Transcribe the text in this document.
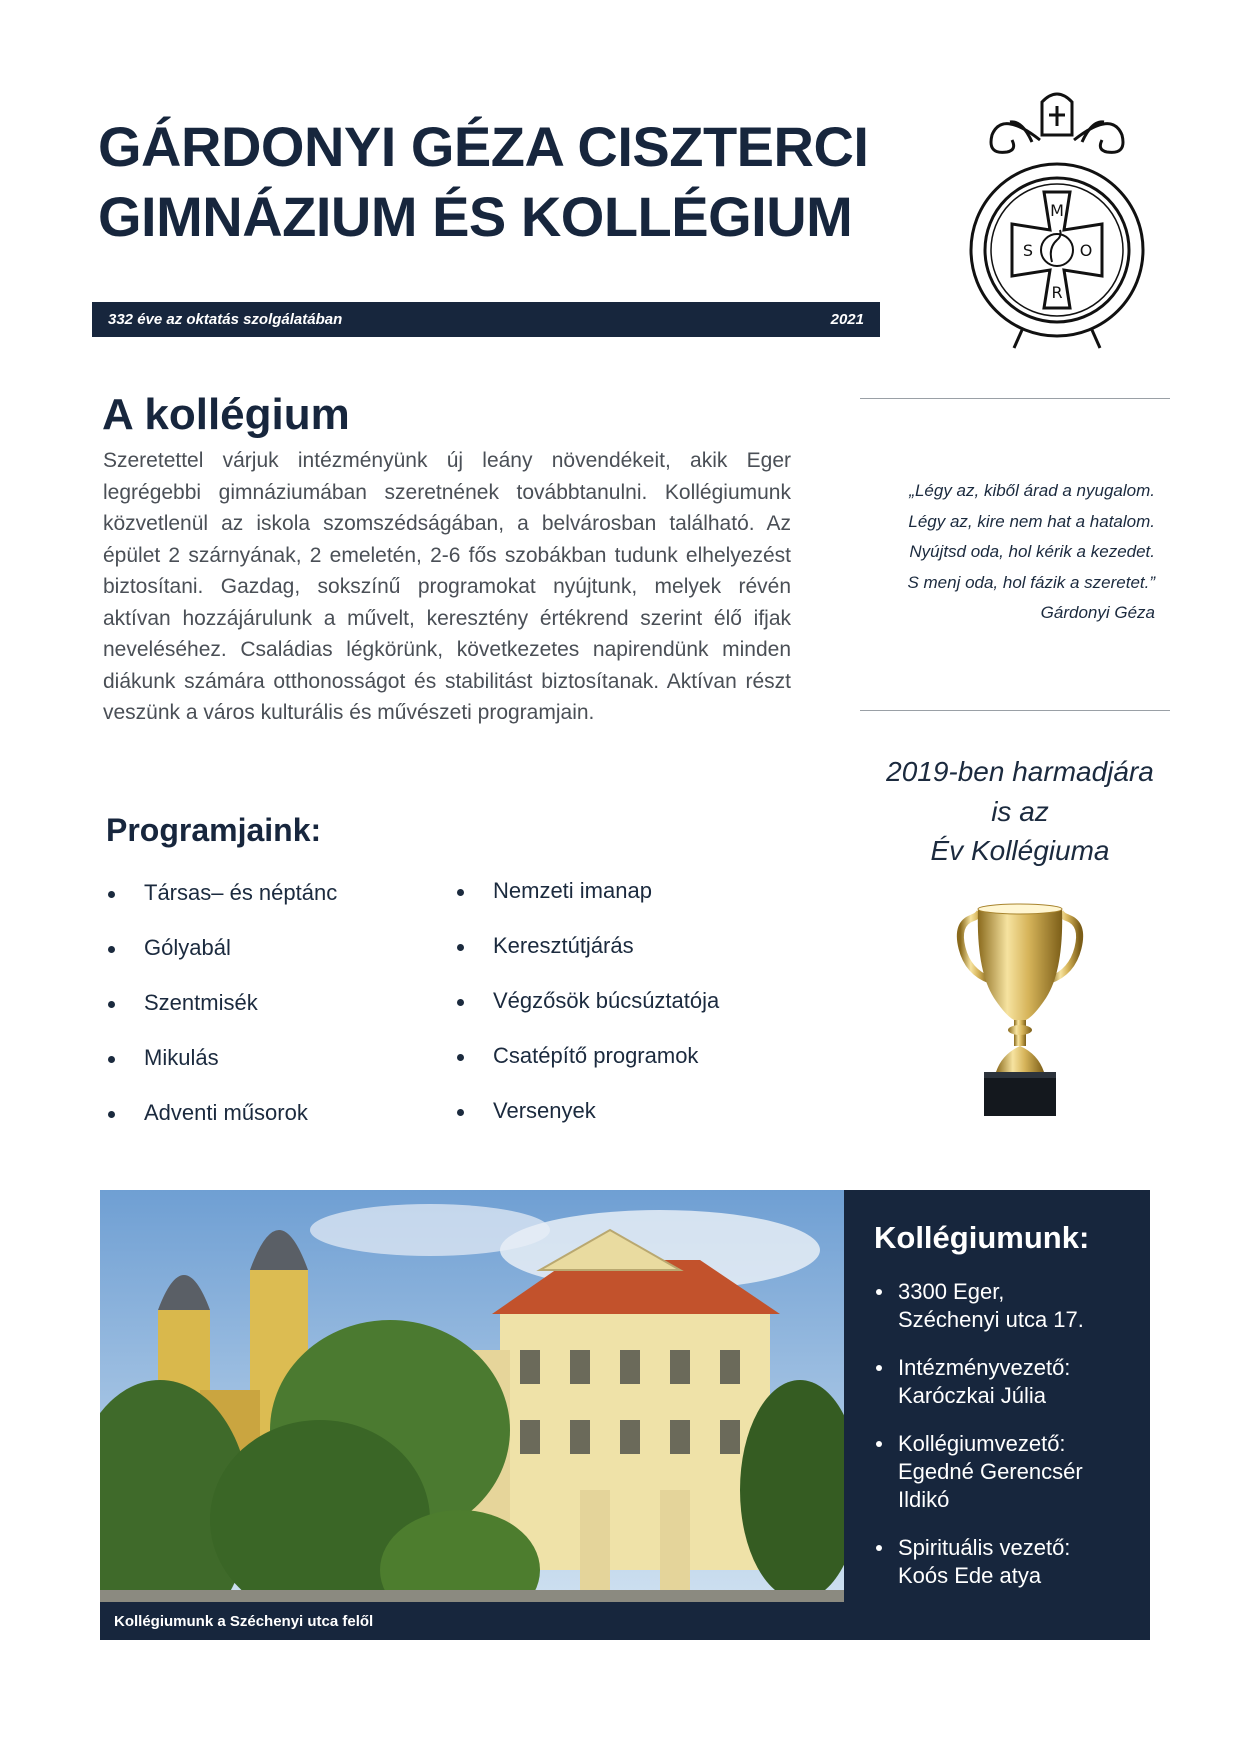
GÁRDONYI GÉZA CISZTERCI
GIMNÁZIUM ÉS KOLLÉGIUM
332 éve az oktatás szolgálatában	2021
M
O
R
S
A kollégium

Szeretettel várjuk intézményünk új leány növendékeit, akik Eger legrégebbi gimnáziumában szeretnének továbbtanulni. Kollégiumunk közvetlenül az iskola szomszédságában, a belvárosban található. Az épület 2 szárnyának, 2 emeletén, 2-6 fős szobákban tudunk elhelyezést biztosítani. Gazdag, sokszínű programokat nyújtunk, melyek révén aktívan hozzájárulunk a művelt, keresztény értékrend szerint élő ifjak neveléséhez. Családias légkörünk, következetes napirendünk minden diákunk számára otthonosságot és stabilitást biztosítanak. Aktívan részt veszünk a város kulturális és művészeti programjain.

„Légy az, kiből árad a nyugalom.
Légy az, kire nem hat a hatalom.
Nyújtsd oda, hol kérik a kezedet.
S menj oda, hol fázik a szeretet.”
Gárdonyi Géza
2019-ben harmadjára
is az
Év Kollégiuma
Programjaink:
Társas– és néptánc
Gólyabál
Szentmisék
Mikulás
Adventi műsorok
Nemzeti imanap
Keresztútjárás
Végzősök búcsúztatója
Csatépítő programok
Versenyek
Kollégiumunk a Széchenyi utca felől
Kollégiumunk:
3300 Eger,
Széchenyi utca 17.
Intézményvezető:
Karóczkai Júlia
Kollégiumvezető:
Egedné Gerencsér Ildikó
Spirituális vezető:
Koós Ede atya
